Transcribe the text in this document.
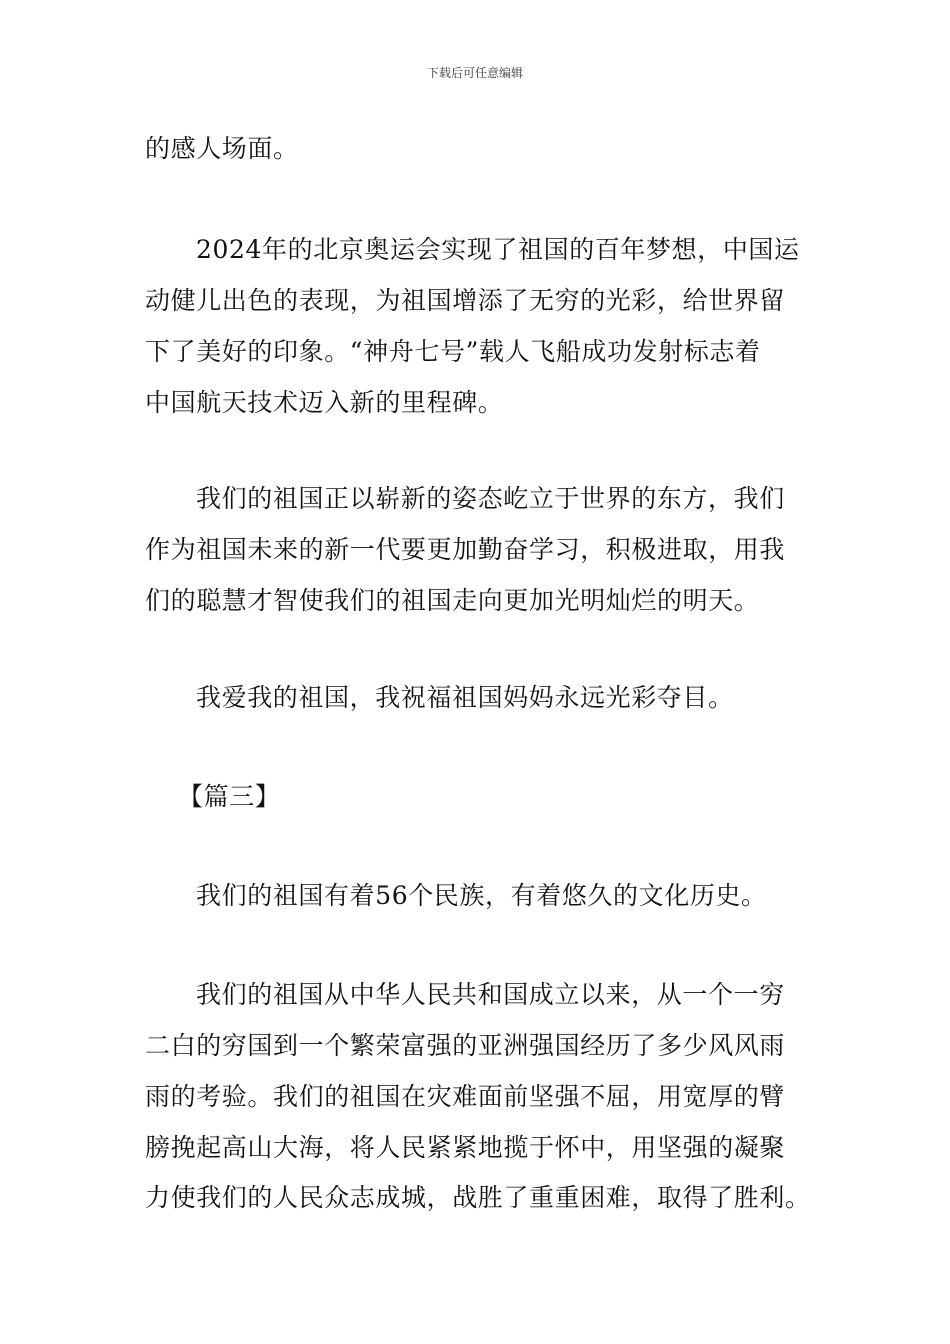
下载后可任意编辑
的感人场面。
2024年的北京奥运会实现了祖国的百年梦想，中国运
动健儿出色的表现，为祖国增添了无穷的光彩，给世界留
下了美好的印象。“神舟七号”载人飞船成功发射标志着
中国航天技术迈入新的里程碑。
我们的祖国正以崭新的姿态屹立于世界的东方，我们
作为祖国未来的新一代要更加勤奋学习，积极进取，用我
们的聪慧才智使我们的祖国走向更加光明灿烂的明天。
我爱我的祖国，我祝福祖国妈妈永远光彩夺目。
【篇三】
我们的祖国有着56个民族，有着悠久的文化历史。
我们的祖国从中华人民共和国成立以来，从一个一穷
二白的穷国到一个繁荣富强的亚洲强国经历了多少风风雨
雨的考验。我们的祖国在灾难面前坚强不屈，用宽厚的臂
膀挽起高山大海，将人民紧紧地揽于怀中，用坚强的凝聚
力使我们的人民众志成城，战胜了重重困难，取得了胜利。
